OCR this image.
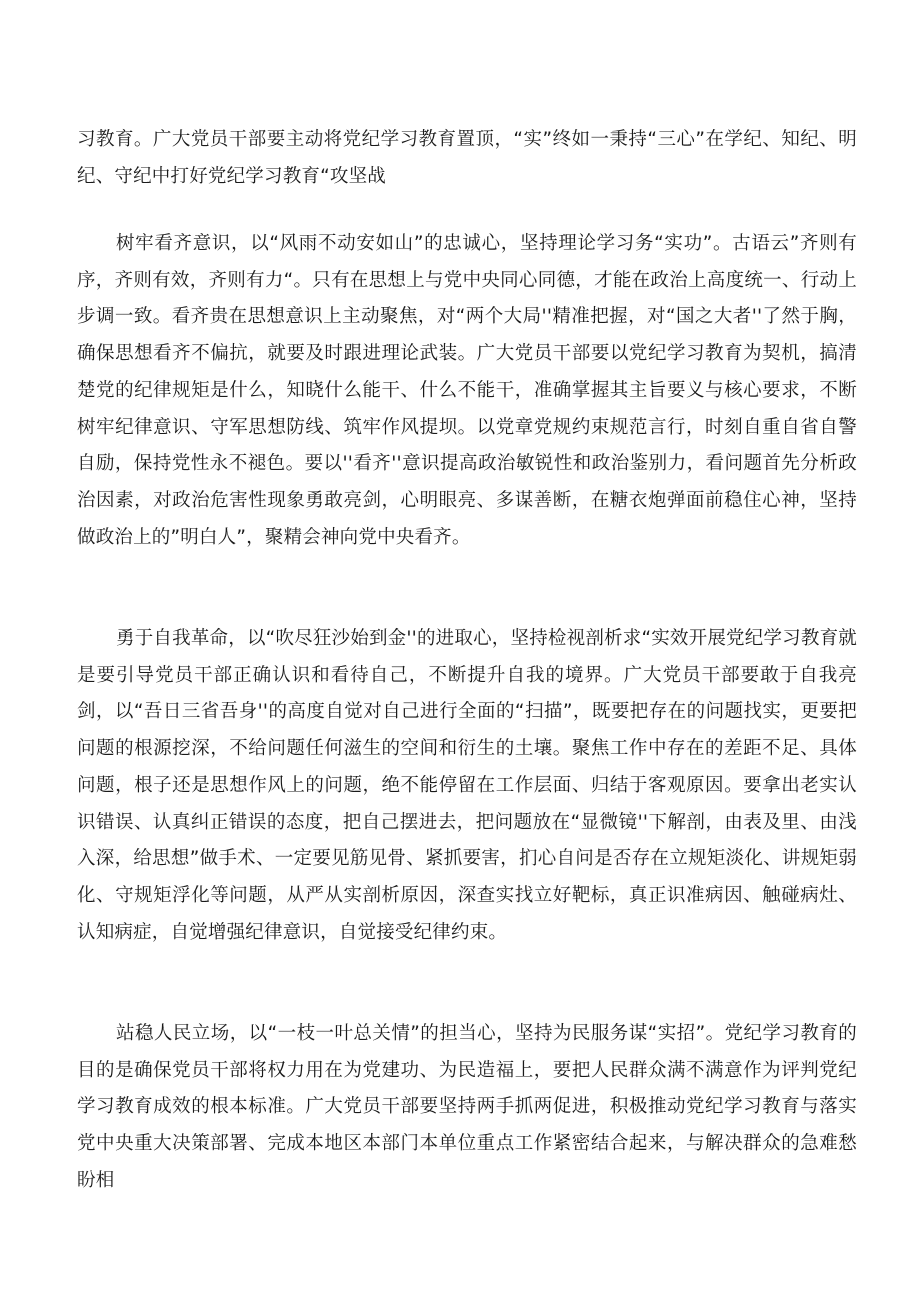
习教育。广大党员干部要主动将党纪学习教育置顶，“实”终如一秉持“三心”在学纪、知纪、明纪、守纪中打好党纪学习教育“攻坚战

树牢看齐意识，以“风雨不动安如山”的忠诚心，坚持理论学习务“实功”。古语云”齐则有序，齐则有效，齐则有力“。只有在思想上与党中央同心同德，才能在政治上高度统一、行动上步调一致。看齐贵在思想意识上主动聚焦，对“两个大局''精准把握，对“国之大者''了然于胸，确保思想看齐不偏抗，就要及时跟进理论武装。广大党员干部要以党纪学习教育为契机，搞清楚党的纪律规矩是什么，知晓什么能干、什么不能干，准确掌握其主旨要义与核心要求，不断树牢纪律意识、守军思想防线、筑牢作风提坝。以党章党规约束规范言行，时刻自重自省自警自励，保持党性永不褪色。要以''看齐''意识提高政治敏锐性和政治鉴别力，看问题首先分析政治因素，对政治危害性现象勇敢亮剑，心明眼亮、多谋善断，在糖衣炮弹面前稳住心神，坚持做政治上的”明白人”，聚精会神向党中央看齐。

勇于自我革命，以“吹尽狂沙始到金''的进取心，坚持检视剖析求“实效开展党纪学习教育就是要引导党员干部正确认识和看待自己，不断提升自我的境界。广大党员干部要敢于自我亮剑，以“吾日三省吾身''的高度自觉对自己进行全面的“扫描”，既要把存在的问题找实，更要把问题的根源挖深，不给问题任何滋生的空间和衍生的土壤。聚焦工作中存在的差距不足、具体问题，根子还是思想作风上的问题，绝不能停留在工作层面、归结于客观原因。要拿出老实认识错误、认真纠正错误的态度，把自己摆进去，把问题放在“显微镜''下解剖，由表及里、由浅入深，给思想”做手术、一定要见筋见骨、紧抓要害，扪心自问是否存在立规矩淡化、讲规矩弱化、守规矩浮化等问题，从严从实剖析原因，深查实找立好靶标，真正识准病因、触碰病灶、认知病症，自觉增强纪律意识，自觉接受纪律约束。

站稳人民立场，以“一枝一叶总关情”的担当心，坚持为民服务谋“实招”。党纪学习教育的目的是确保党员干部将权力用在为党建功、为民造福上，要把人民群众满不满意作为评判党纪学习教育成效的根本标准。广大党员干部要坚持两手抓两促进，积极推动党纪学习教育与落实党中央重大决策部署、完成本地区本部门本单位重点工作紧密结合起来，与解决群众的急难愁盼相
